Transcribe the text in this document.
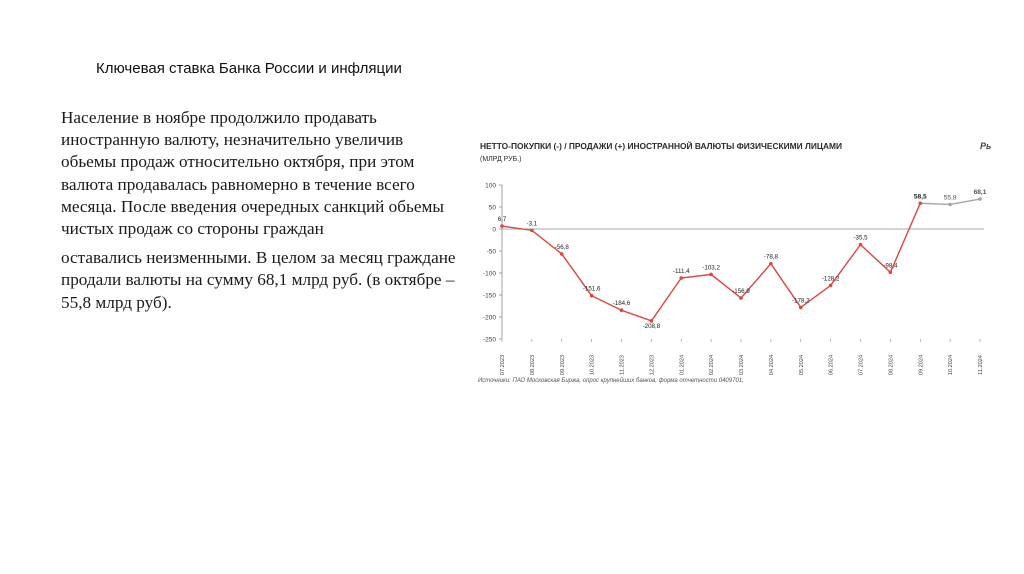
Ключевая ставка Банка России и инфляции

Население в ноябре продолжило продавать иностранную валюту, незначительно увеличив обьемы продаж относительно октября, при этом валюта продавалась равномерно в течение всего месяца. После введения очередных санкций обьемы чистых продаж со стороны граждан

оставались неизменными. В целом за месяц граждане продали валюты на сумму 68,1 млрд руб. (в октябре – 55,8 млрд руб).

НЕТТО-ПОКУПКИ (-) / ПРОДАЖИ (+) ИНОСТРАННОЙ ВАЛЮТЫ ФИЗИЧЕСКИМИ ЛИЦАМИ
(МЛРД РУБ.)
Рь
Источники: ПАО Московская Биржа, опрос крупнейших банков, форма отчетности 0409701.
100
50
0
-50
-100
-150
-200
-250
07.2023	08.2023	09.2023	10.2023	11.2023	12.2023	01.2024	02.2024	03.2024	04.2024	05.2024	06.2024	07.2024	08.2024	09.2024	10.2024	11.2024
6,7
-3,1
-56,8
-151,6
-184,6
-208,8
-111,4
-103,2
-156,9
-78,8
-178,2
-128,2
-35,5
-98,4
58,5	55,8
68,1
